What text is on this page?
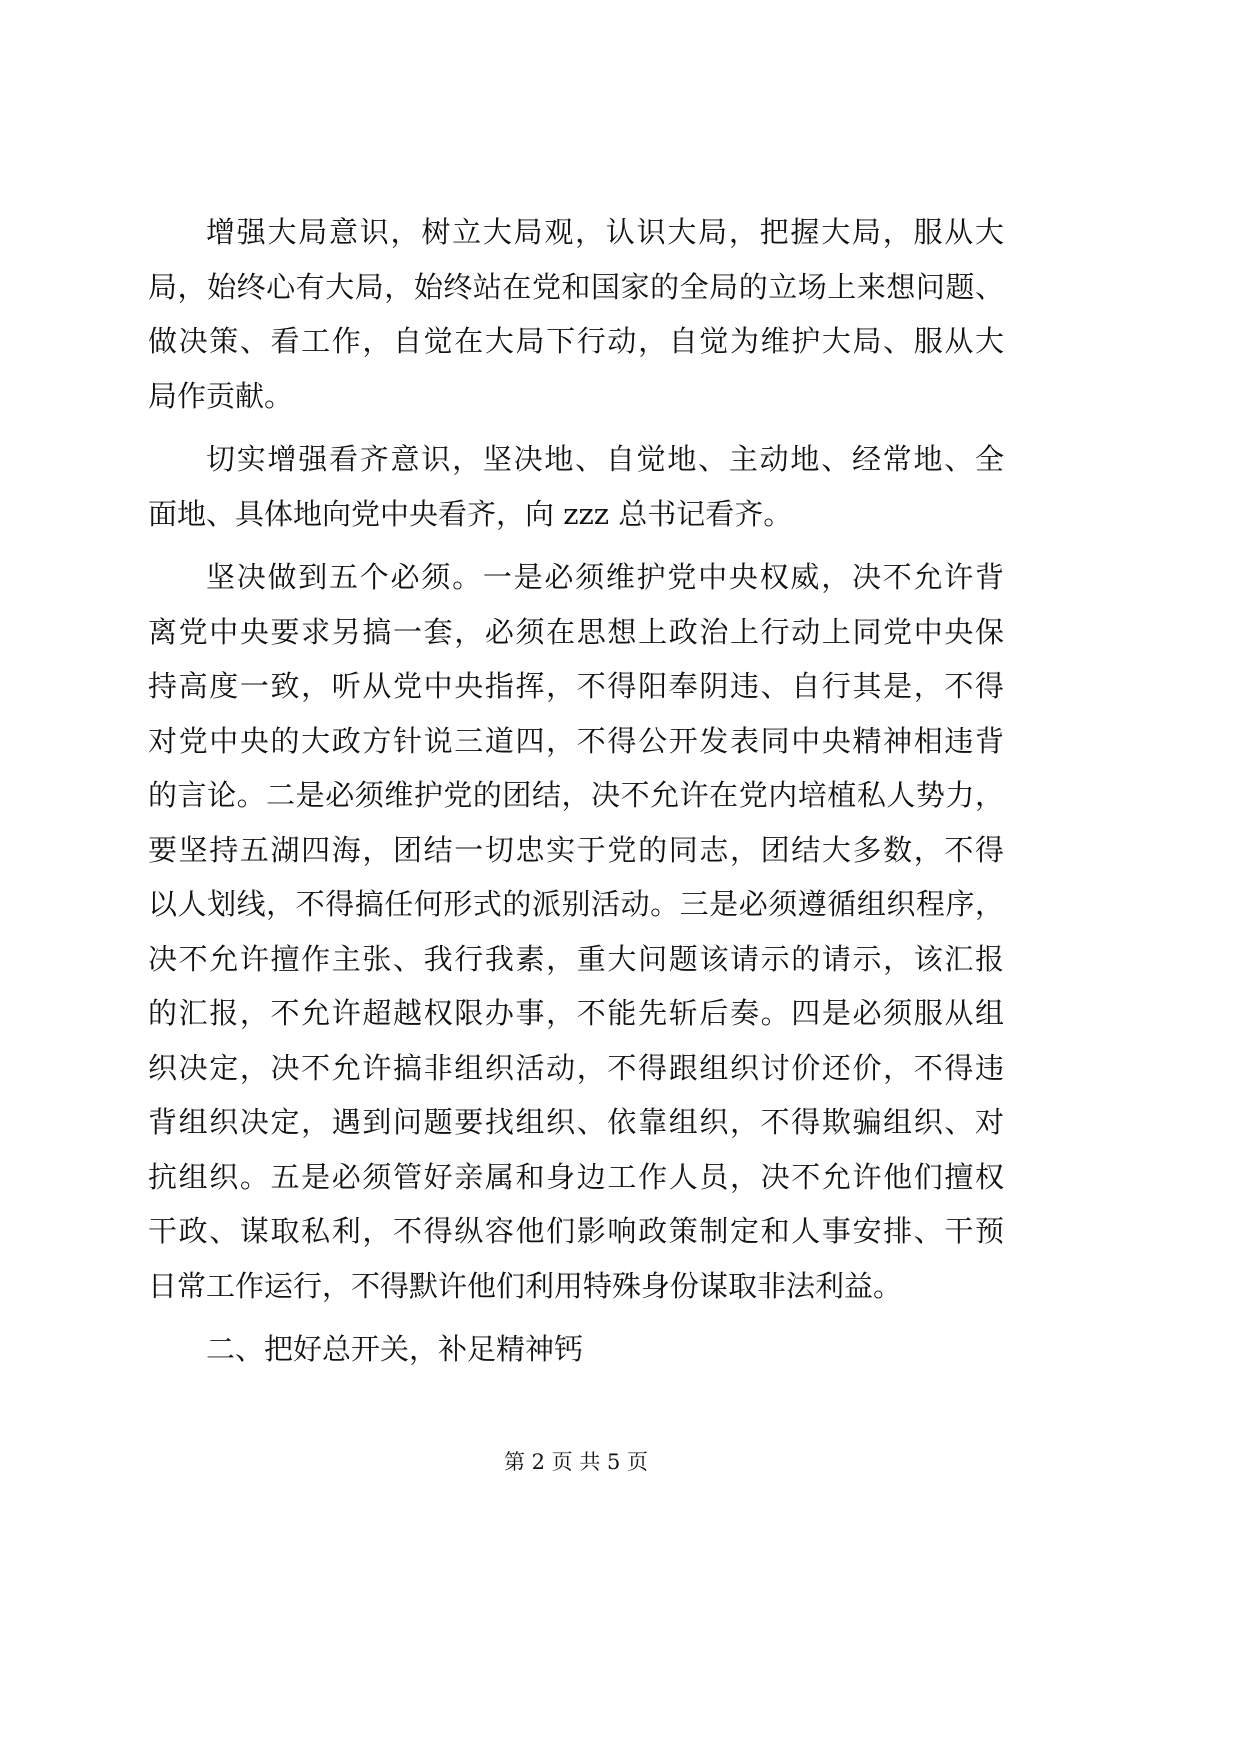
增强大局意识，树立大局观，认识大局，把握大局，服从大
局，始终心有大局，始终站在党和国家的全局的立场上来想问题、
做决策、看工作，自觉在大局下行动，自觉为维护大局、服从大
局作贡献。
切实增强看齐意识，坚决地、自觉地、主动地、经常地、全
面地、具体地向党中央看齐，向 zzz 总书记看齐。
坚决做到五个必须。一是必须维护党中央权威，决不允许背
离党中央要求另搞一套，必须在思想上政治上行动上同党中央保
持高度一致，听从党中央指挥，不得阳奉阴违、自行其是，不得
对党中央的大政方针说三道四，不得公开发表同中央精神相违背
的言论。二是必须维护党的团结，决不允许在党内培植私人势力，
要坚持五湖四海，团结一切忠实于党的同志，团结大多数，不得
以人划线，不得搞任何形式的派别活动。三是必须遵循组织程序，
决不允许擅作主张、我行我素，重大问题该请示的请示，该汇报
的汇报，不允许超越权限办事，不能先斩后奏。四是必须服从组
织决定，决不允许搞非组织活动，不得跟组织讨价还价，不得违
背组织决定，遇到问题要找组织、依靠组织，不得欺骗组织、对
抗组织。五是必须管好亲属和身边工作人员，决不允许他们擅权
干政、谋取私利，不得纵容他们影响政策制定和人事安排、干预
日常工作运行，不得默许他们利用特殊身份谋取非法利益。
二、把好总开关，补足精神钙
第 2 页 共 5 页
